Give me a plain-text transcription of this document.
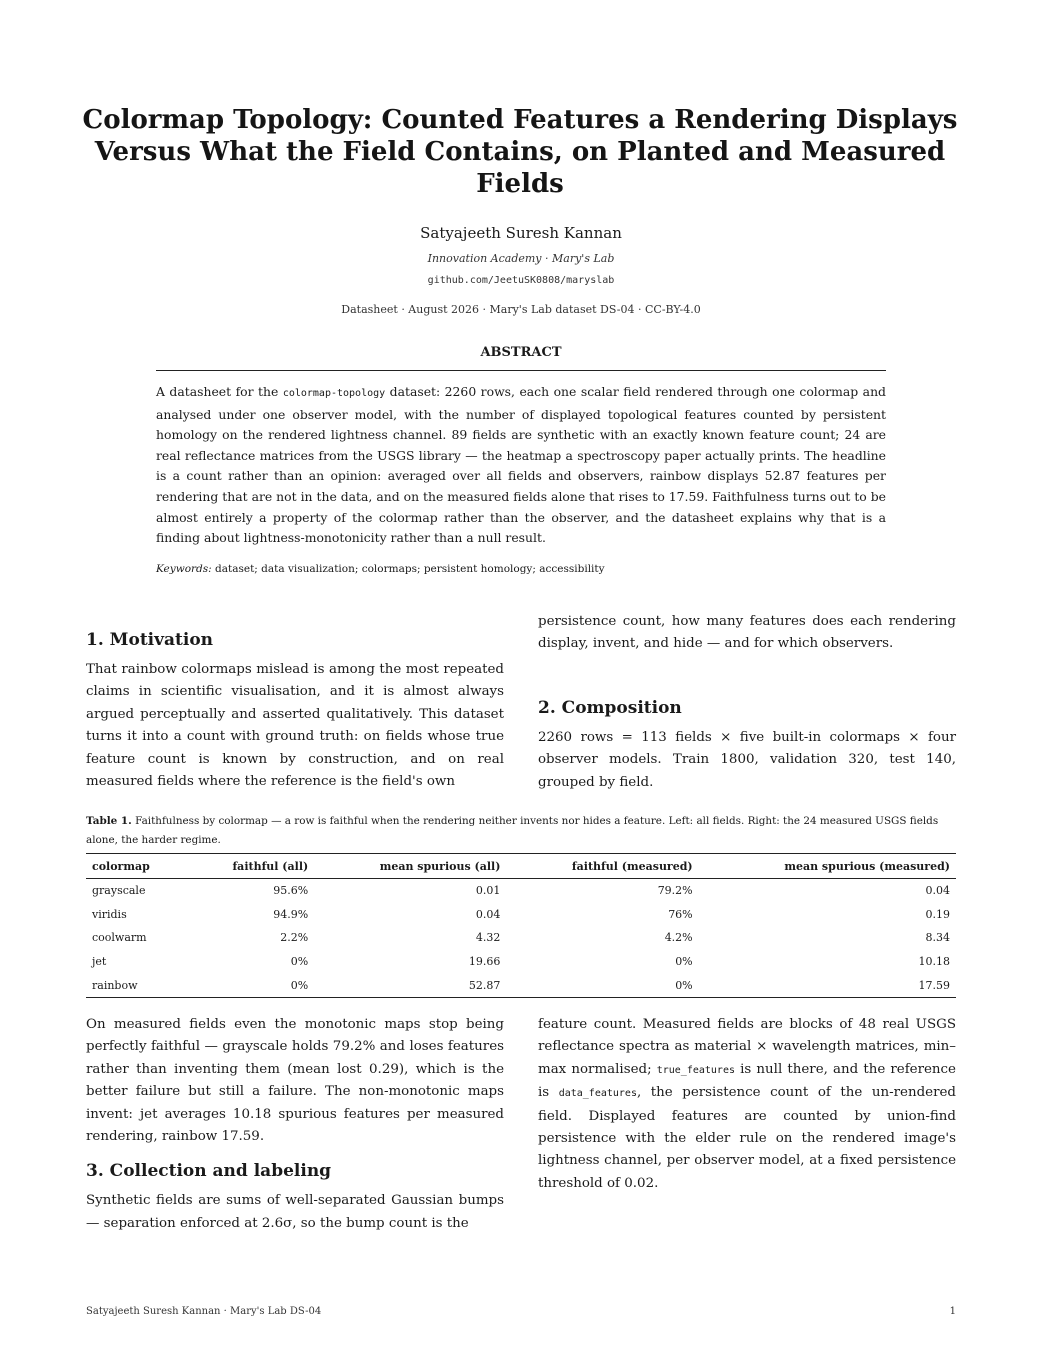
Colormap Topology: Counted Features a Rendering Displays Versus What the Field Contains, on Planted and Measured Fields
Satyajeeth Suresh Kannan
Innovation Academy · Mary's Lab
github.com/JeetuSK0808/maryslab
Datasheet · August 2026 · Mary's Lab dataset DS-04 · CC-BY-4.0
ABSTRACT

A datasheet for the colormap-topology dataset: 2260 rows, each one scalar field rendered through one colormap and analysed under one observer model, with the number of displayed topological features counted by persistent homology on the rendered lightness channel. 89 fields are synthetic with an exactly known feature count; 24 are real reflectance matrices from the USGS library — the heatmap a spectroscopy paper actually prints. The headline is a count rather than an opinion: averaged over all fields and observers, rainbow displays 52.87 features per rendering that are not in the data, and on the measured fields alone that rises to 17.59. Faithfulness turns out to be almost entirely a property of the colormap rather than the observer, and the datasheet explains why that is a finding about lightness-monotonicity rather than a null result.

Keywords: dataset; data visualization; colormaps; persistent homology; accessibility
1. Motivation

That rainbow colormaps mislead is among the most repeated claims in scientific visualisation, and it is almost always argued perceptually and asserted qualitatively. This dataset turns it into a count with ground truth: on fields whose true feature count is known by construction, and on real measured fields where the reference is the field's own

2. Composition

2260 rows = 113 fields × five built-in colormaps × four observer models. Train 1800, validation 320, test 140, grouped by field.

Table 1. Faithfulness by colormap — a row is faithful when the rendering neither invents nor hides a feature. Left: all fields. Right: the 24 measured USGS fields alone, the harder regime.
colormap	faithful (all)	mean spurious (all)	faithful (measured)	mean spurious (measured)
grayscale	95.6%	0.01	79.2%	0.04
viridis	94.9%	0.04	76%	0.19
coolwarm	2.2%	4.32	4.2%	8.34
jet	0%	19.66	0%	10.18
rainbow	0%	52.87	0%	17.59

On measured fields even the monotonic maps stop being perfectly faithful — grayscale holds 79.2% and loses features rather than inventing them (mean lost 0.29), which is the better failure but still a failure. The non-monotonic maps invent: jet averages 10.18 spurious features per measured rendering, rainbow 17.59.

3. Collection and labeling

Synthetic fields are sums of well-separated Gaussian bumps — separation enforced at 2.6σ, so the bump count is the

Satyajeeth Suresh Kannan · Mary's Lab DS-04	1

persistence count, how many features does each rendering display, invent, and hide — and for which observers.

feature count. Measured fields are blocks of 48 real USGS reflectance spectra as material × wavelength matrices, min–max normalised; true_features is null there, and the reference is data_features, the persistence count of the un-rendered field. Displayed features are counted by union-find persistence with the elder rule on the rendered image's lightness channel, per observer model, at a fixed persistence threshold of 0.02.
